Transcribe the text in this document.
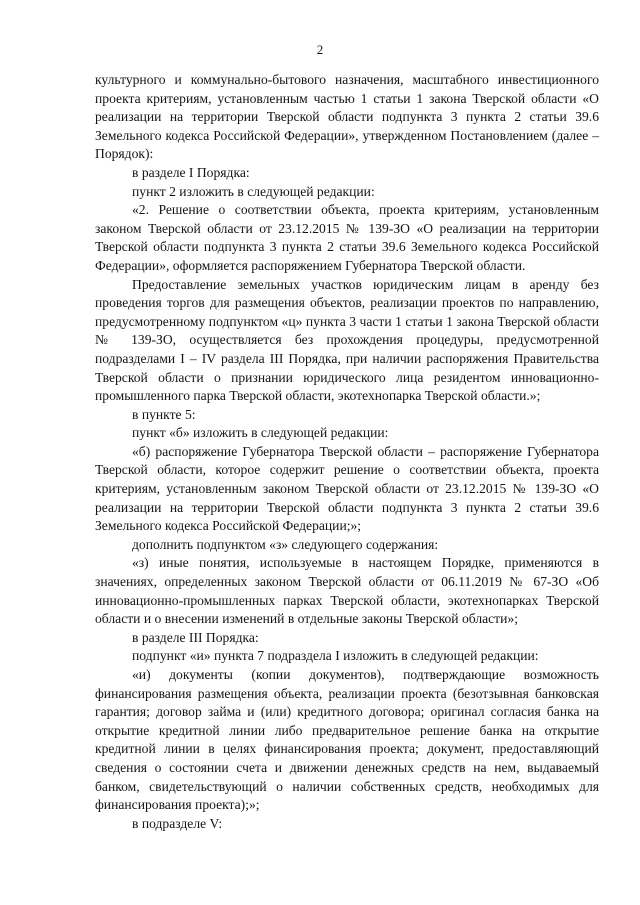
2

культурного и коммунально-бытового назначения, масштабного инвестиционного проекта критериям, установленным частью 1 статьи 1 закона Тверской области «О реализации на территории Тверской области подпункта 3 пункта 2 статьи 39.6 Земельного кодекса Российской Федерации», утвержденном Постановлением (далее – Порядок):

в разделе I Порядка:

пункт 2 изложить в следующей редакции:

«2. Решение о соответствии объекта, проекта критериям, установленным законом Тверской области от 23.12.2015 № 139-ЗО «О реализации на территории Тверской области подпункта 3 пункта 2 статьи 39.6 Земельного кодекса Российской Федерации», оформляется распоряжением Губернатора Тверской области.

Предоставление земельных участков юридическим лицам в аренду без проведения торгов для размещения объектов, реализации проектов по направлению, предусмотренному подпунктом «ц» пункта 3 части 1 статьи 1 закона Тверской области № 139-ЗО, осуществляется без прохождения процедуры, предусмотренной подразделами I – IV раздела III Порядка, при наличии распоряжения Правительства Тверской области о признании юридического лица резидентом инновационно-промышленного парка Тверской области, экотехнопарка Тверской области.»;

в пункте 5:

пункт «б» изложить в следующей редакции:

«б) распоряжение Губернатора Тверской области – распоряжение Губернатора Тверской области, которое содержит решение о соответствии объекта, проекта критериям, установленным законом Тверской области от 23.12.2015 № 139-ЗО «О реализации на территории Тверской области подпункта 3 пункта 2 статьи 39.6 Земельного кодекса Российской Федерации;»;

дополнить подпунктом «з» следующего содержания:

«з) иные понятия, используемые в настоящем Порядке, применяются в значениях, определенных законом Тверской области от 06.11.2019 № 67-ЗО «Об инновационно-промышленных парках Тверской области, экотехнопарках Тверской области и о внесении изменений в отдельные законы Тверской области»;

в разделе III Порядка:

подпункт «и» пункта 7 подраздела I изложить в следующей редакции:

«и) документы (копии документов), подтверждающие возможность финансирования размещения объекта, реализации проекта (безотзывная банковская гарантия; договор займа и (или) кредитного договора; оригинал согласия банка на открытие кредитной линии либо предварительное решение банка на открытие кредитной линии в целях финансирования проекта; документ, предоставляющий сведения о состоянии счета и движении денежных средств на нем, выдаваемый банком, свидетельствующий о наличии собственных средств, необходимых для финансирования проекта);»;

в подразделе V:
